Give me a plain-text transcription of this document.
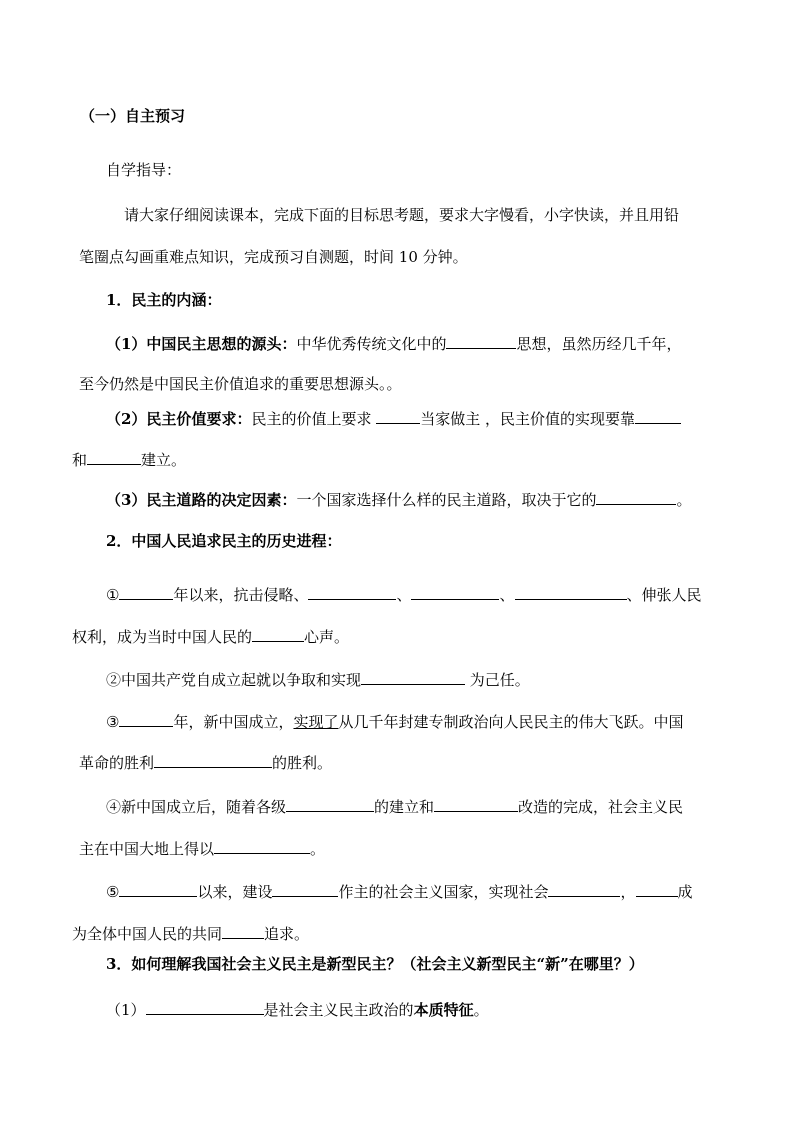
（一）自主预习
自学指导：
请大家仔细阅读课本，完成下面的目标思考题，要求大字慢看，小字快读，并且用铅
笔圈点勾画重难点知识，完成预习自测题，时间 10 分钟。
1．民主的内涵：
（1）中国民主思想的源头：中华优秀传统文化中的	思想，虽然历经几千年，
至今仍然是中国民主价值追求的重要思想源头。。
（2）民主价值要求：民主的价值上要求	当家做主 ，民主价值的实现要靠
和	建立。
（3）民主道路的决定因素：一个国家选择什么样的民主道路，取决于它的	。
2．中国人民追求民主的历史进程：
①	年以来，抗击侵略、	、	、	、伸张人民
权利，成为当时中国人民的	心声。
②中国共产党自成立起就以争取和实现	为己任。
③	年，新中国成立，实现了从几千年封建专制政治向人民民主的伟大飞跃。中国
革命的胜利	的胜利。
④新中国成立后，随着各级	的建立和	改造的完成，社会主义民
主在中国大地上得以	。
⑤	以来，建设	作主的社会主义国家，实现社会	，	成
为全体中国人民的共同	追求。
3．如何理解我国社会主义民主是新型民主？（社会主义新型民主“新”在哪里？）
（1）	是社会主义民主政治的本质特征。
